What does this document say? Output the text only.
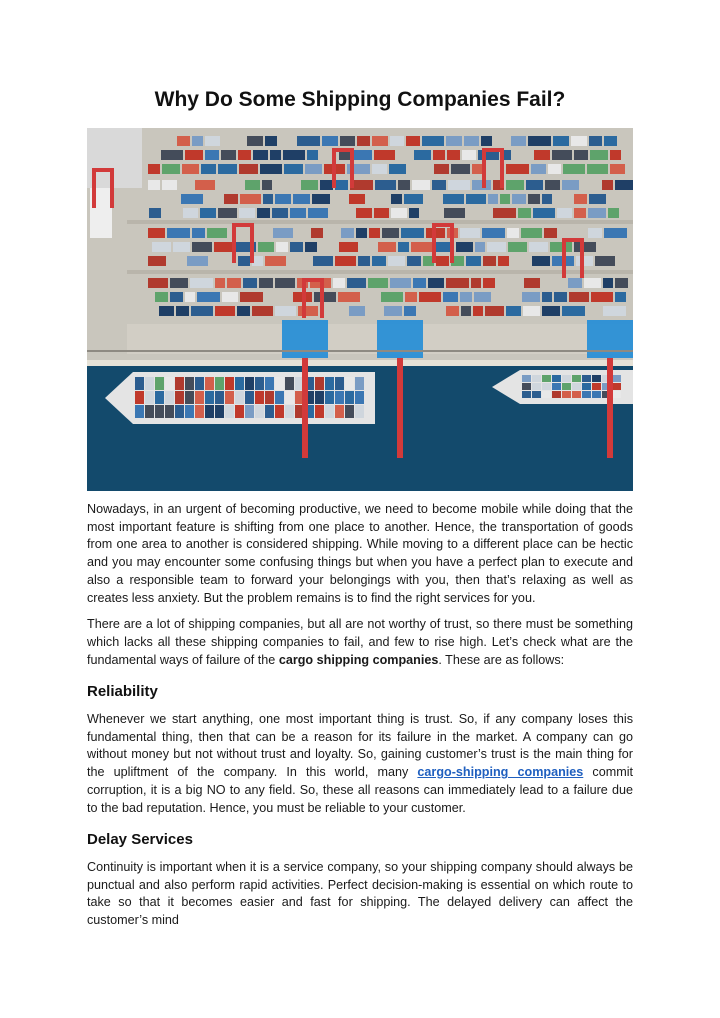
Why Do Some Shipping Companies Fail?

Nowadays, in an urgent of becoming productive, we need to become mobile while doing that the most important feature is shifting from one place to another. Hence, the transportation of goods from one area to another is considered shipping. While moving to a different place can be hectic and you may encounter some confusing things but when you have a perfect plan to execute and also a responsible team to forward your belongings with you, then that’s relaxing as well as creates less anxiety. But the problem remains is to find the right services for you.

There are a lot of shipping companies, but all are not worthy of trust, so there must be something which lacks all these shipping companies to fail, and few to rise high. Let’s check what are the fundamental ways of failure of the cargo shipping companies. These are as follows:

Reliability

Whenever we start anything, one most important thing is trust. So, if any company loses this fundamental thing, then that can be a reason for its failure in the market. A company can go without money but not without trust and loyalty. So, gaining customer’s trust is the main thing for the upliftment of the company. In this world, many cargo-shipping companies commit corruption, it is a big NO to any field. So, these all reasons can immediately lead to a failure due to the bad reputation. Hence, you must be reliable to your customer.

Delay Services

Continuity is important when it is a service company, so your shipping company should always be punctual and also perform rapid activities. Perfect decision-making is essential on which route to take so that it becomes easier and fast for shipping. The delayed delivery can affect the customer’s mind
